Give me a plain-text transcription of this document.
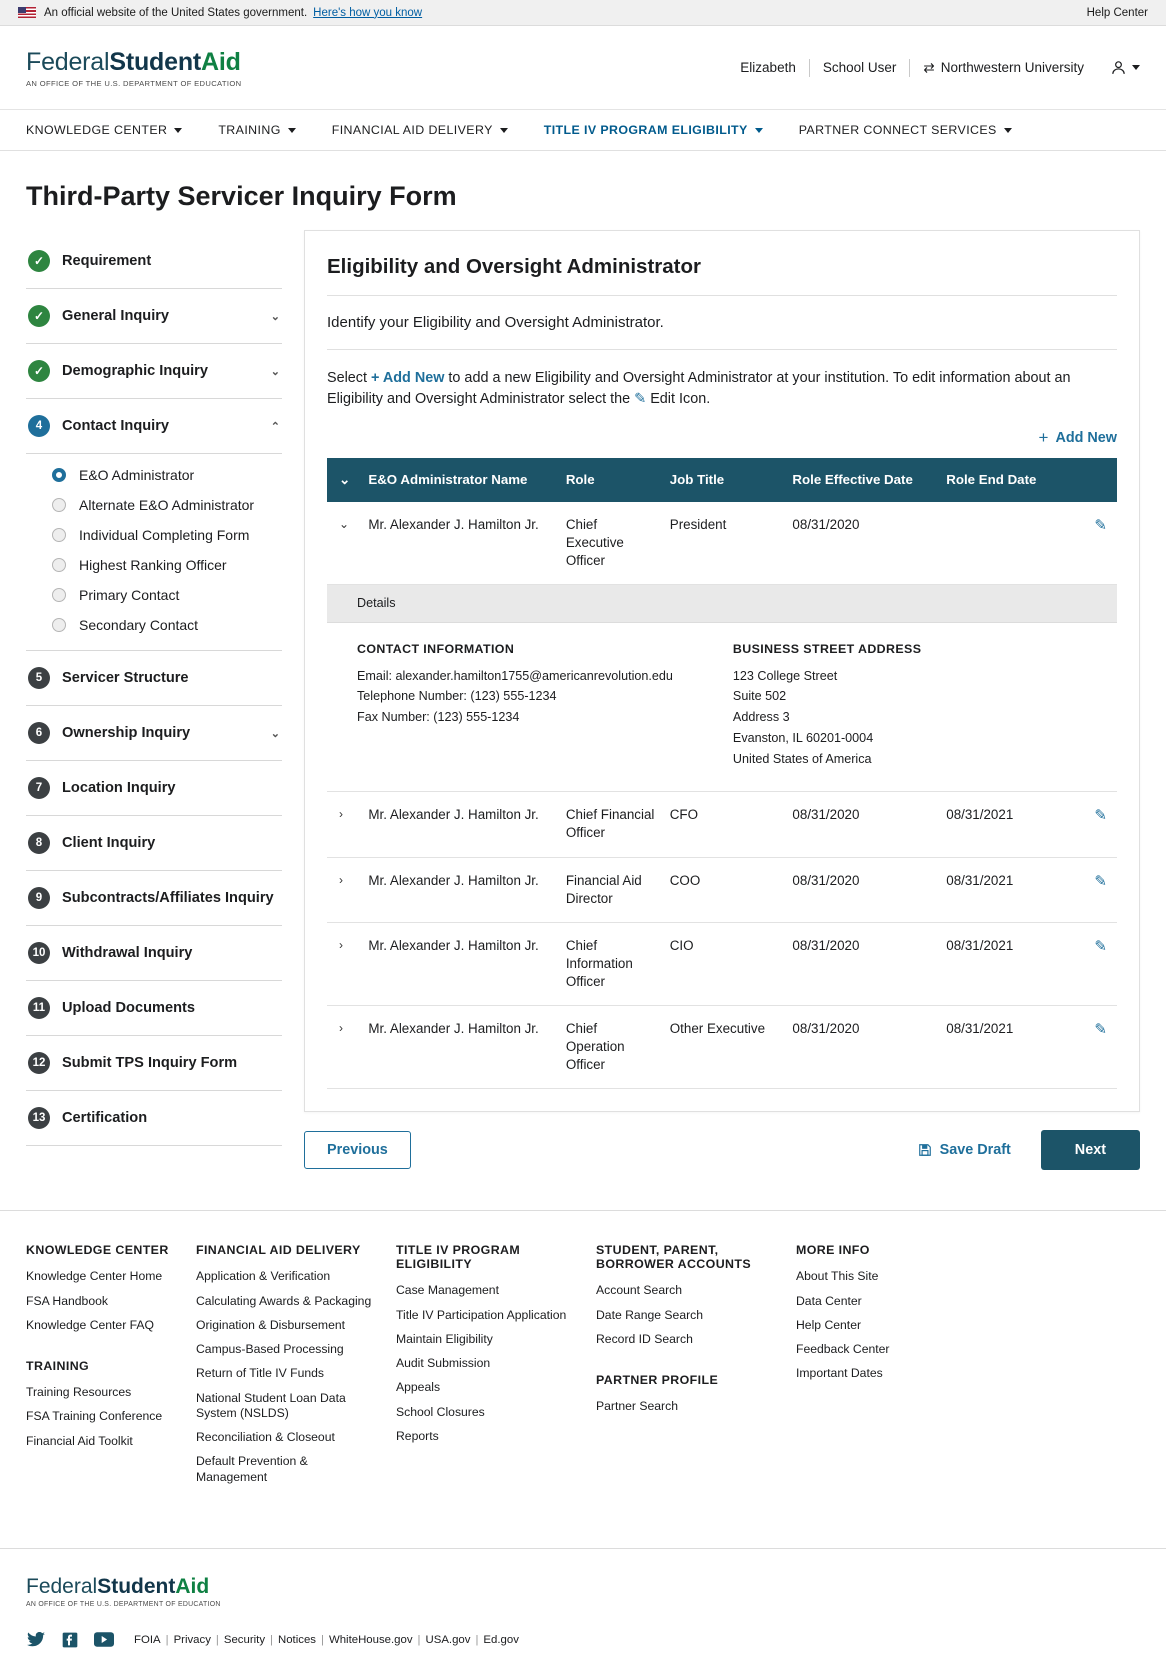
An official website of the United States government. Here's how you know	Help Center
FederalStudentAid
AN OFFICE OF THE U.S. DEPARTMENT OF EDUCATION
Elizabeth	School User	⇄ Northwestern University
KNOWLEDGE CENTER	TRAINING	FINANCIAL AID DELIVERY	TITLE IV PROGRAM ELIGIBILITY	PARTNER CONNECT SERVICES
Third-Party Servicer Inquiry Form
✓	Requirement
✓	General Inquiry	⌄
✓	Demographic Inquiry	⌄
4	Contact Inquiry	⌃
E&O Administrator
Alternate E&O Administrator
Individual Completing Form
Highest Ranking Officer
Primary Contact
Secondary Contact
5	Servicer Structure
6	Ownership Inquiry	⌄
7	Location Inquiry
8	Client Inquiry
9	Subcontracts/Affiliates Inquiry
10	Withdrawal Inquiry
11	Upload Documents
12	Submit TPS Inquiry Form
13	Certification
Eligibility and Oversight Administrator
Identify your Eligibility and Oversight Administrator.
Select + Add New to add a new Eligibility and Oversight Administrator at your institution. To edit information about an Eligibility and Oversight Administrator select the ✎ Edit Icon.
+ Add New
⌄	E&O Administrator Name	Role	Job Title	Role Effective Date	Role End Date	
⌄	Mr. Alexander J. Hamilton Jr.	Chief Executive Officer	President	08/31/2020		✎
Details						

CONTACT INFORMATION
Email: alexander.hamilton1755@americanrevolution.edu
Telephone Number: (123) 555-1234
Fax Number: (123) 555-1234
BUSINESS STREET ADDRESS
123 College Street
Suite 502
Address 3
Evanston, IL 60201-0004
United States of America

›	Mr. Alexander J. Hamilton Jr.	Chief Financial Officer	CFO	08/31/2020	08/31/2021	✎
›	Mr. Alexander J. Hamilton Jr.	Financial Aid Director	COO	08/31/2020	08/31/2021	✎
›	Mr. Alexander J. Hamilton Jr.	Chief Information Officer	CIO	08/31/2020	08/31/2021	✎
›	Mr. Alexander J. Hamilton Jr.	Chief Operation Officer	Other Executive	08/31/2020	08/31/2021	✎
Previous	Save Draft	Next
KNOWLEDGE CENTER
Knowledge Center Home
FSA Handbook
Knowledge Center FAQ
TRAINING
Training Resources
FSA Training Conference
Financial Aid Toolkit
FINANCIAL AID DELIVERY
Application & Verification
Calculating Awards & Packaging
Origination & Disbursement
Campus-Based Processing
Return of Title IV Funds
National Student Loan Data System (NSLDS)
Reconciliation & Closeout
Default Prevention & Management
TITLE IV PROGRAM ELIGIBILITY
Case Management
Title IV Participation Application
Maintain Eligibility
Audit Submission
Appeals
School Closures
Reports
STUDENT, PARENT, BORROWER ACCOUNTS
Account Search
Date Range Search
Record ID Search
PARTNER PROFILE
Partner Search
MORE INFO
About This Site
Data Center
Help Center
Feedback Center
Important Dates
FederalStudentAid
AN OFFICE OF THE U.S. DEPARTMENT OF EDUCATION
FOIA | Privacy | Security | Notices | WhiteHouse.gov | USA.gov | Ed.gov
